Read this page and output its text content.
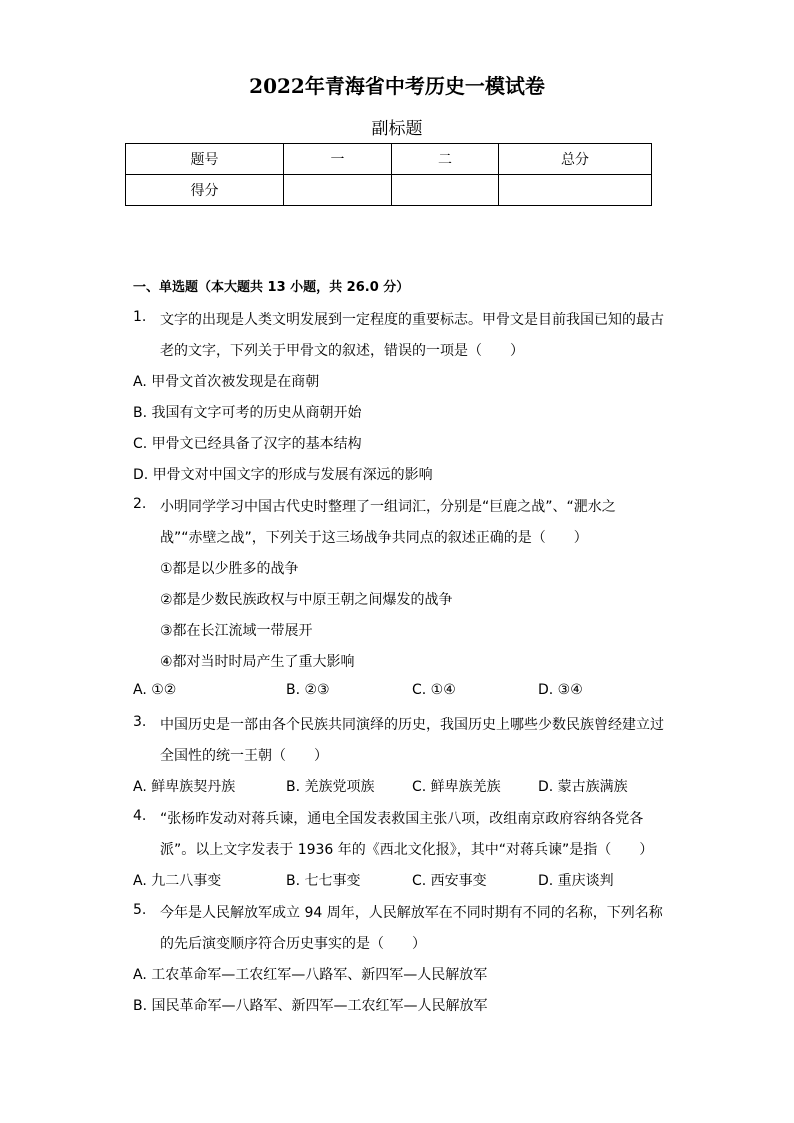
2022年青海省中考历史一模试卷
副标题
题号	一	二	总分
得分			
一、单选题（本大题共 13 小题，共 26.0 分）
1. 文字的出现是人类文明发展到一定程度的重要标志。甲骨文是目前我国已知的最古
老的文字，下列关于甲骨文的叙述，错误的一项是（　　）
A. 甲骨文首次被发现是在商朝
B. 我国有文字可考的历史从商朝开始
C. 甲骨文已经具备了汉字的基本结构
D. 甲骨文对中国文字的形成与发展有深远的影响
2. 小明同学学习中国古代史时整理了一组词汇，分别是“巨鹿之战”、“淝水之
战”“赤壁之战”，下列关于这三场战争共同点的叙述正确的是（　　）
①都是以少胜多的战争
②都是少数民族政权与中原王朝之间爆发的战争
③都在长江流域一带展开
④都对当时时局产生了重大影响
A. ①②	B. ②③	C. ①④	D. ③④
3. 中国历史是一部由各个民族共同演绎的历史，我国历史上哪些少数民族曾经建立过
全国性的统一王朝（　　）
A. 鲜卑族契丹族	B. 羌族党项族	C. 鲜卑族羌族	D. 蒙古族满族
4. “张杨昨发动对蒋兵谏，通电全国发表救国主张八项，改组南京政府容纳各党各
派”。以上文字发表于 1936 年的《西北文化报》，其中“对蒋兵谏”是指（　　）
A. 九二八事变	B. 七七事变	C. 西安事变	D. 重庆谈判
5. 今年是人民解放军成立 94 周年，人民解放军在不同时期有不同的名称，下列名称
的先后演变顺序符合历史事实的是（　　）
A. 工农革命军—工农红军—八路军、新四军—人民解放军
B. 国民革命军—八路军、新四军—工农红军—人民解放军
